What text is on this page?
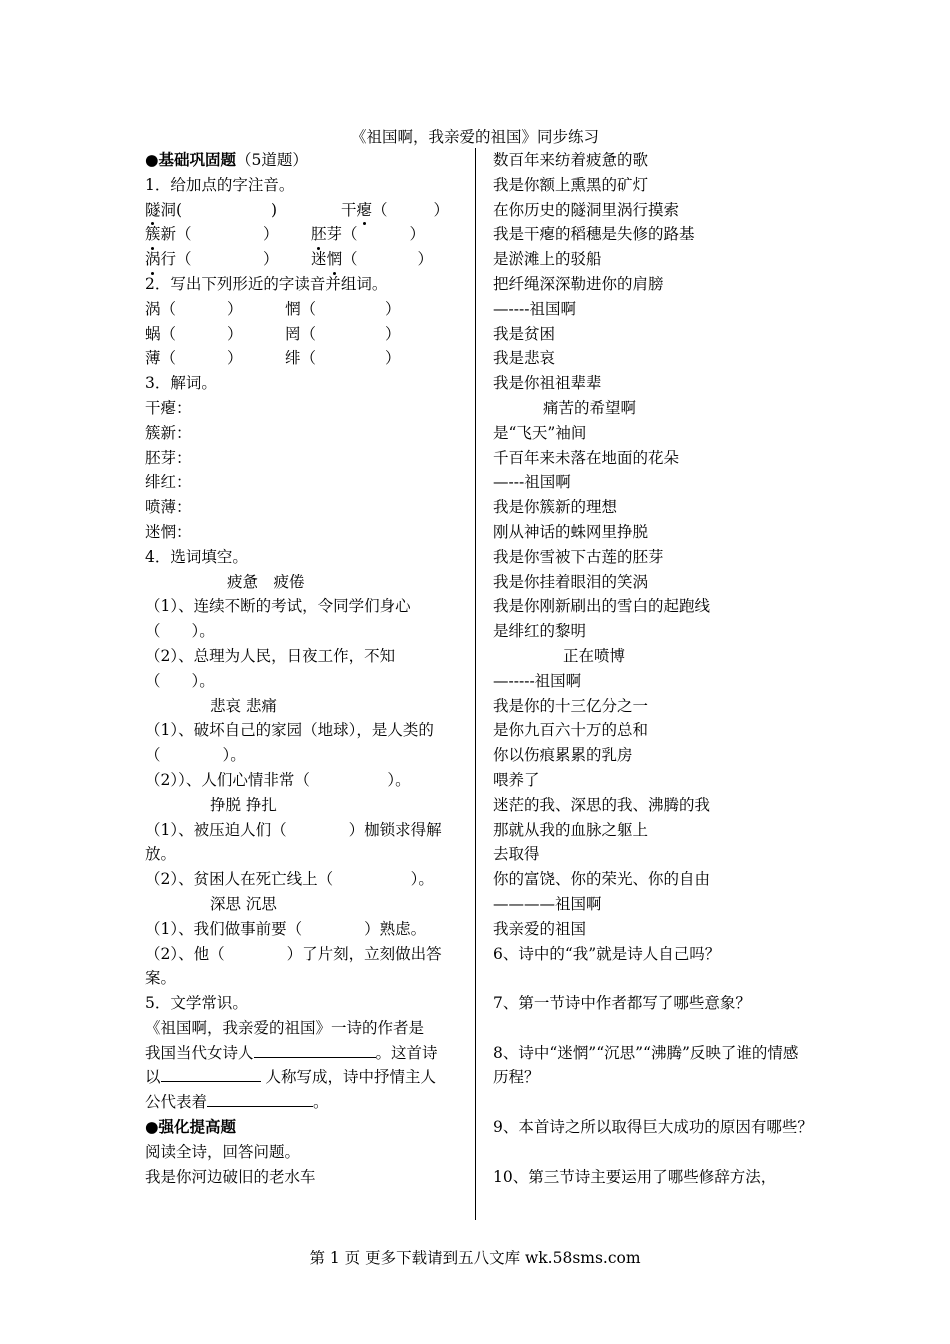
《祖国啊，我亲爱的祖国》同步练习
●基础巩固题（5道题）
1．给加点的字注音。
隧洞(	)	干瘪（	）
簇新（	） 胚芽（	）
涡行（	） 迷惘（	）
2．写出下列形近的字读音并组词。
涡（	）	惘（	）
蜗（	）	罔（	）
薄（	）	绯（	）
3．解词。
干瘪：
簇新：
胚芽：
绯红：
喷薄：
迷惘：
4．选词填空。
疲惫　疲倦
（1）、连续不断的考试，令同学们身心（　　）。
（2）、总理为人民，日夜工作，不知（　　）。
悲哀 悲痛
（1）、破坏自己的家园（地球），是人类的
（　　　　）。
（2））、人们心情非常（　　　　　）。
挣脱 挣扎
（1）、被压迫人们（　　　　）枷锁求得解放。
（2）、贫困人在死亡线上（　　　　　）。
深思 沉思
（1）、我们做事前要（　　　　）熟虑。
（2）、他（　　　　）了片刻，立刻做出答案。
5．文学常识。
《祖国啊，我亲爱的祖国》一诗的作者是
我国当代女诗人	。这首诗
以	人称写成，诗中抒情主人
公代表着	。
●强化提高题
阅读全诗，回答问题。
我是你河边破旧的老水车
数百年来纺着疲惫的歌
我是你额上熏黑的矿灯
在你历史的隧洞里涡行摸索
我是干瘪的稻穗是失修的路基
是淤滩上的驳船
把纤绳深深勒进你的肩膀
—----祖国啊
我是贫困
我是悲哀
我是你祖祖辈辈
痛苦的希望啊
是“飞天”袖间
千百年来未落在地面的花朵
—---祖国啊
我是你簇新的理想
刚从神话的蛛网里挣脱
我是你雪被下古莲的胚芽
我是你挂着眼泪的笑涡
我是你刚新刷出的雪白的起跑线
是绯红的黎明
正在喷博
—-----祖国啊
我是你的十三亿分之一
是你九百六十万的总和
你以伤痕累累的乳房
喂养了
迷茫的我、深思的我、沸腾的我
那就从我的血脉之躯上
去取得
你的富饶、你的荣光、你的自由
————祖国啊
我亲爱的祖国
6、诗中的“我”就是诗人自己吗？
7、第一节诗中作者都写了哪些意象？
8、诗中“迷惘”“沉思”“沸腾”反映了谁的情感历程？
9、本首诗之所以取得巨大成功的原因有哪些？
10、第三节诗主要运用了哪些修辞方法，
第 1 页 更多下载请到五八文库 wk.58sms.com
